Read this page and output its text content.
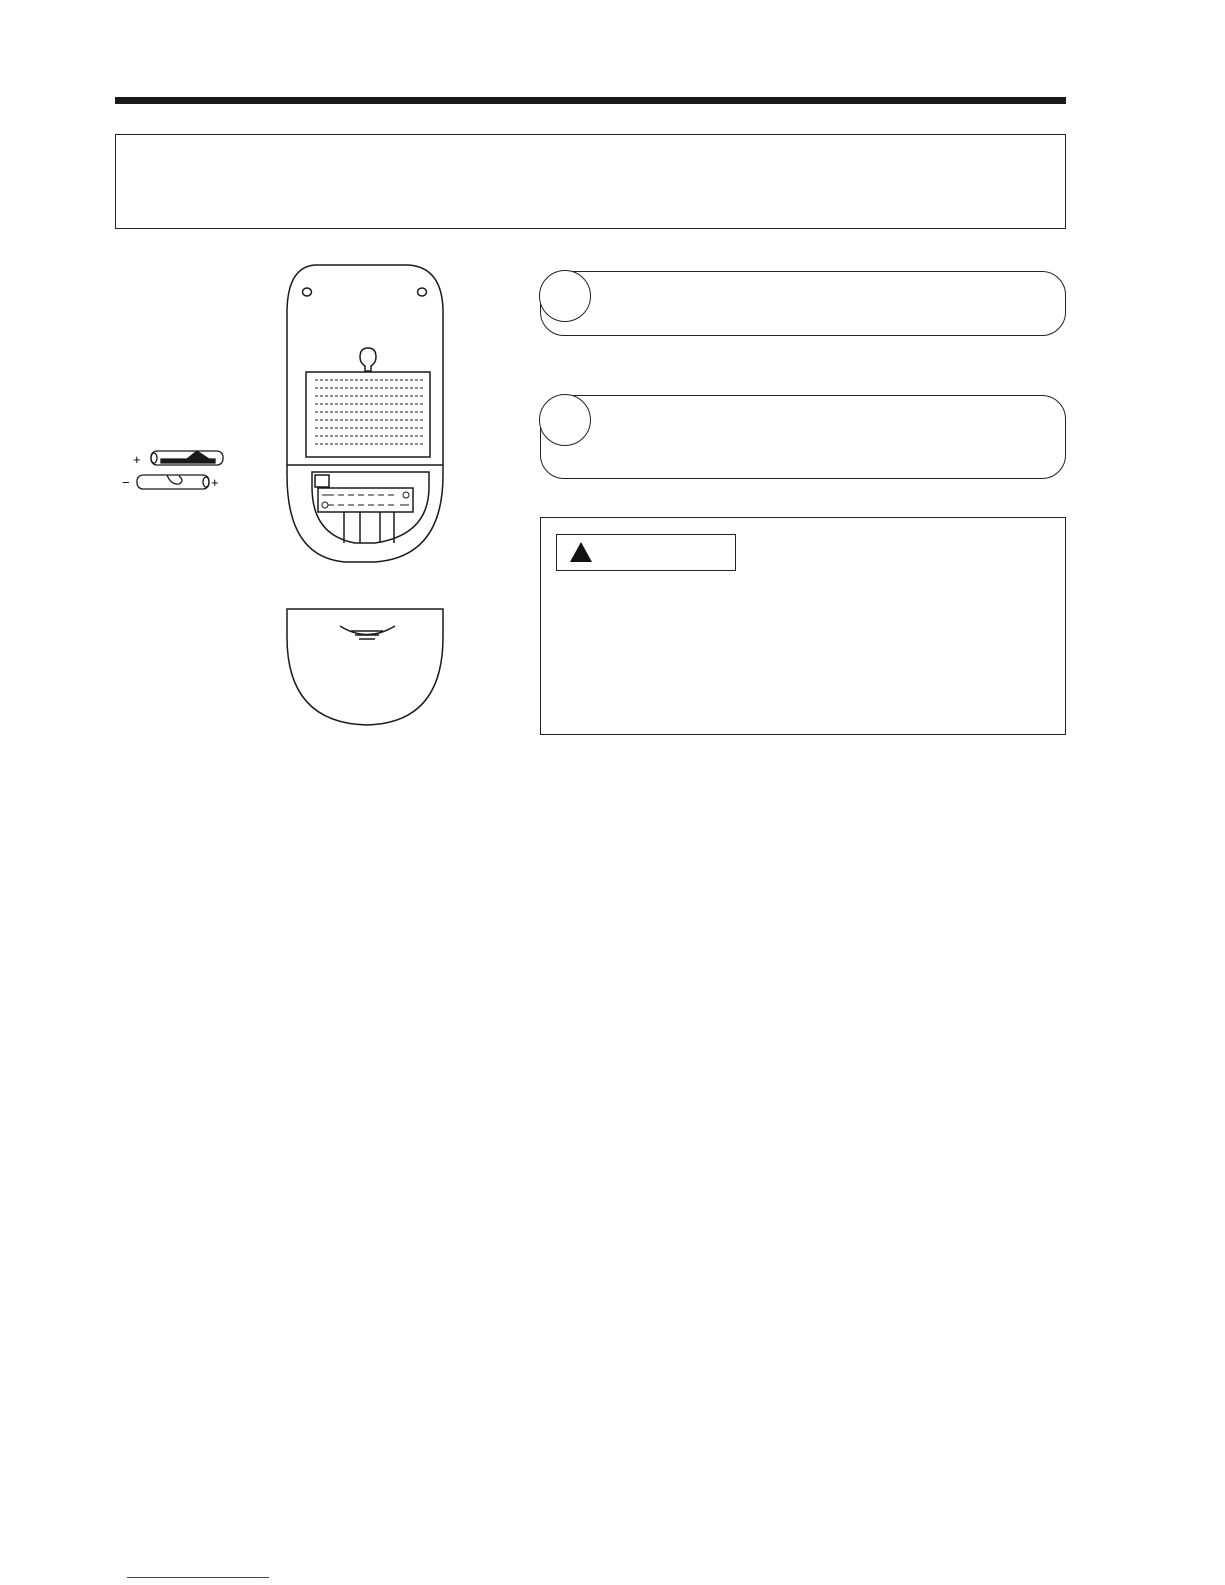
+
−	+
